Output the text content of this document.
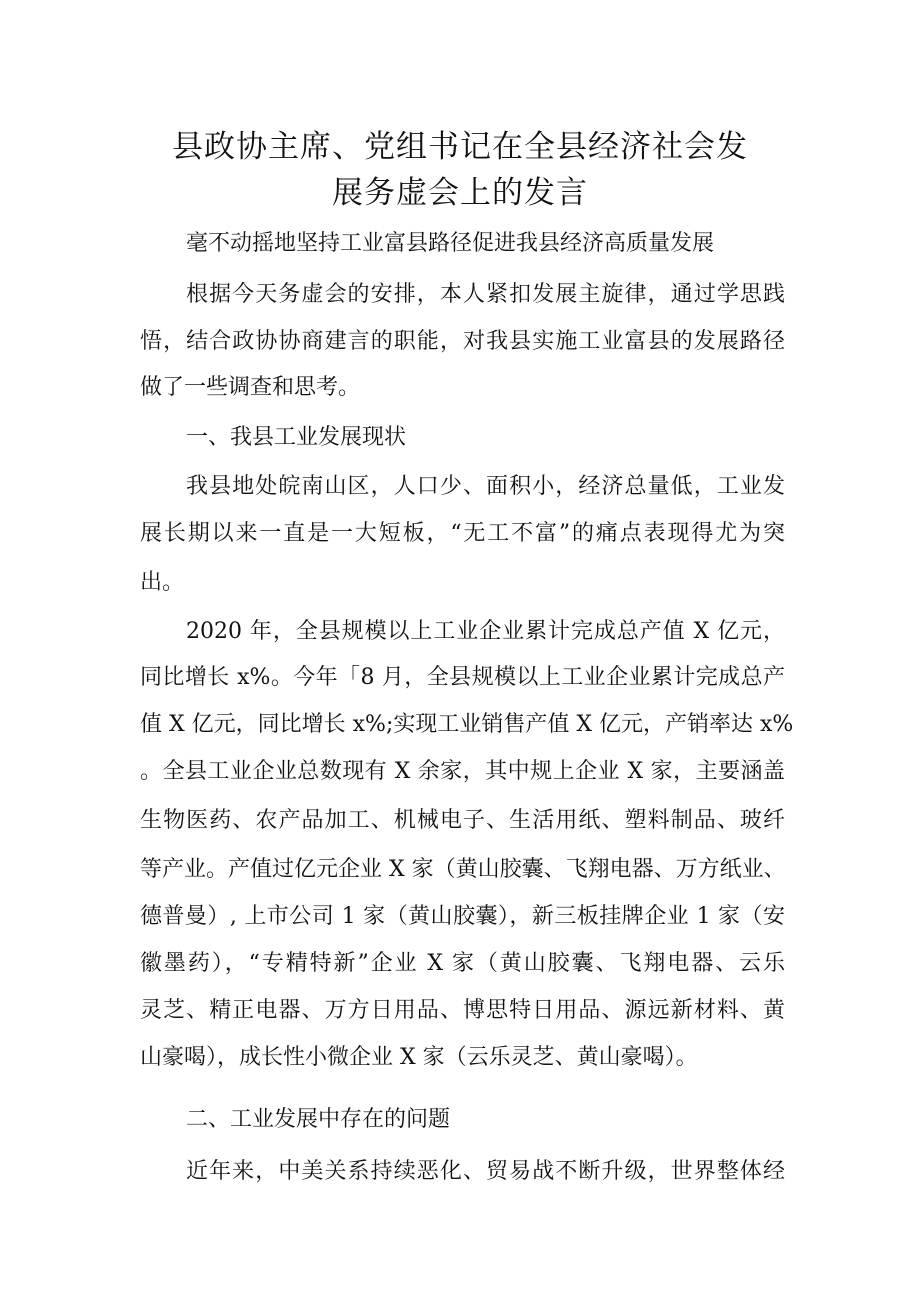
县政协主席、党组书记在全县经济社会发
展务虚会上的发言

毫不动摇地坚持工业富县路径促进我县经济高质量发展

根据今天务虚会的安排，本人紧扣发展主旋律，通过学思践

悟，结合政协协商建言的职能，对我县实施工业富县的发展路径

做了一些调查和思考。

一、我县工业发展现状

我县地处皖南山区，人口少、面积小，经济总量低，工业发

展长期以来一直是一大短板，“无工不富”的痛点表现得尤为突

出。

2020 年，全县规模以上工业企业累计完成总产值 X 亿元，

同比增长 x%。今年「8 月，全县规模以上工业企业累计完成总产

值 X 亿元，同比增长 x%;实现工业销售产值 X 亿元，产销率达 x%

。全县工业企业总数现有 X 余家，其中规上企业 X 家，主要涵盖

生物医药、农产品加工、机械电子、生活用纸、塑料制品、玻纤

等产业。产值过亿元企业 X 家（黄山胶囊、飞翔电器、万方纸业、

德普曼）, 上市公司 1 家（黄山胶囊），新三板挂牌企业 1 家（安

徽墨药），“专精特新”企业 X 家（黄山胶囊、飞翔电器、云乐

灵芝、精正电器、万方日用品、博思特日用品、源远新材料、黄

山豪喝），成长性小微企业 X 家（云乐灵芝、黄山豪喝）。

二、工业发展中存在的问题

近年来，中美关系持续恶化、贸易战不断升级，世界整体经
